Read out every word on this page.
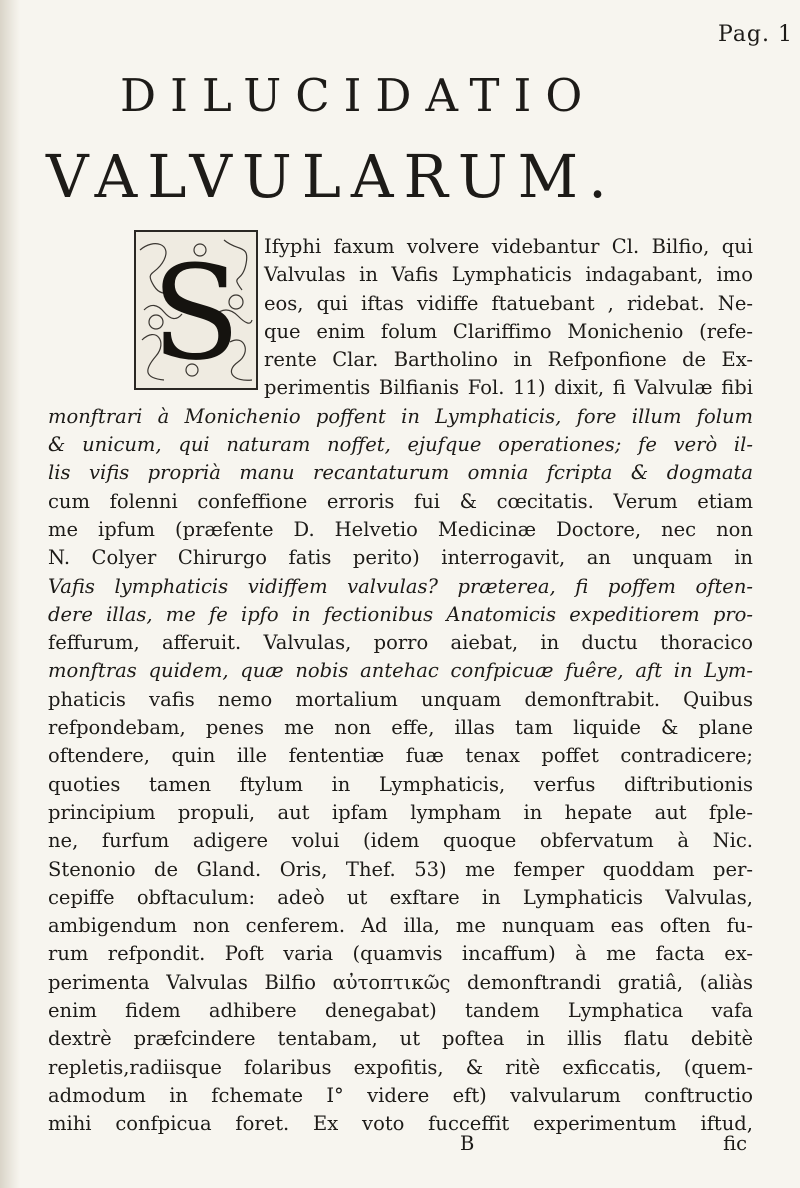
Pag. 1
DILUCIDATIO
VALVULARUM.
S	Ifyphi faxum volvere videbantur Cl. Bilfio, qui
Valvulas in Vafis Lymphaticis indagabant, imo
eos, qui iftas vidiffe ftatuebant , ridebat. Ne-
que enim folum Clariffimo Monichenio (refe-
rente Clar. Bartholino in Refponfione de Ex-
perimentis Bilfianis Fol. 11) dixit, fi Valvulæ fibi
monftrari à Monichenio poffent in Lymphaticis, fore illum folum
& unicum, qui naturam noffet, ejufque operationes; fe verò il-
lis vifis proprià manu recantaturum omnia fcripta & dogmata
cum folenni confeffione erroris fui & cœcitatis. Verum etiam
me ipfum (præfente D. Helvetio Medicinæ Doctore, nec non
N. Colyer Chirurgo fatis perito) interrogavit, an unquam in
Vafis lymphaticis vidiffem valvulas? præterea, fi poffem often-
dere illas, me fe ipfo in fectionibus Anatomicis expeditiorem pro-
feffurum, afferuit. Valvulas, porro aiebat, in ductu thoracico
monftras quidem, quæ nobis antehac confpicuæ fuêre, aft in Lym-
phaticis vafis nemo mortalium unquam demonftrabit. Quibus
refpondebam, penes me non effe, illas tam liquide & plane
oftendere, quin ille fententiæ fuæ tenax poffet contradicere;
quoties tamen ftylum in Lymphaticis, verfus diftributionis
principium propuli, aut ipfam lympham in hepate aut fple-
ne, furfum adigere volui (idem quoque obfervatum à Nic.
Stenonio de Gland. Oris, Thef. 53) me femper quoddam per-
cepiffe obftaculum: adeò ut exftare in Lymphaticis Valvulas,
ambigendum non cenferem. Ad illa, me nunquam eas often fu-
rum refpondit. Poft varia (quamvis incaffum) à me facta ex-
perimenta Valvulas Bilfio αὐτοπτικῶς demonftrandi gratiâ, (aliàs
enim fidem adhibere denegabat) tandem Lymphatica vafa
dextrè præfcindere tentabam, ut poftea in illis flatu debitè
repletis,radiisque folaribus expofitis, & ritè exficcatis, (quem-
admodum in fchemate I° videre eft) valvularum conftructio
mihi confpicua foret. Ex voto fucceffit experimentum iftud,
B	fic
